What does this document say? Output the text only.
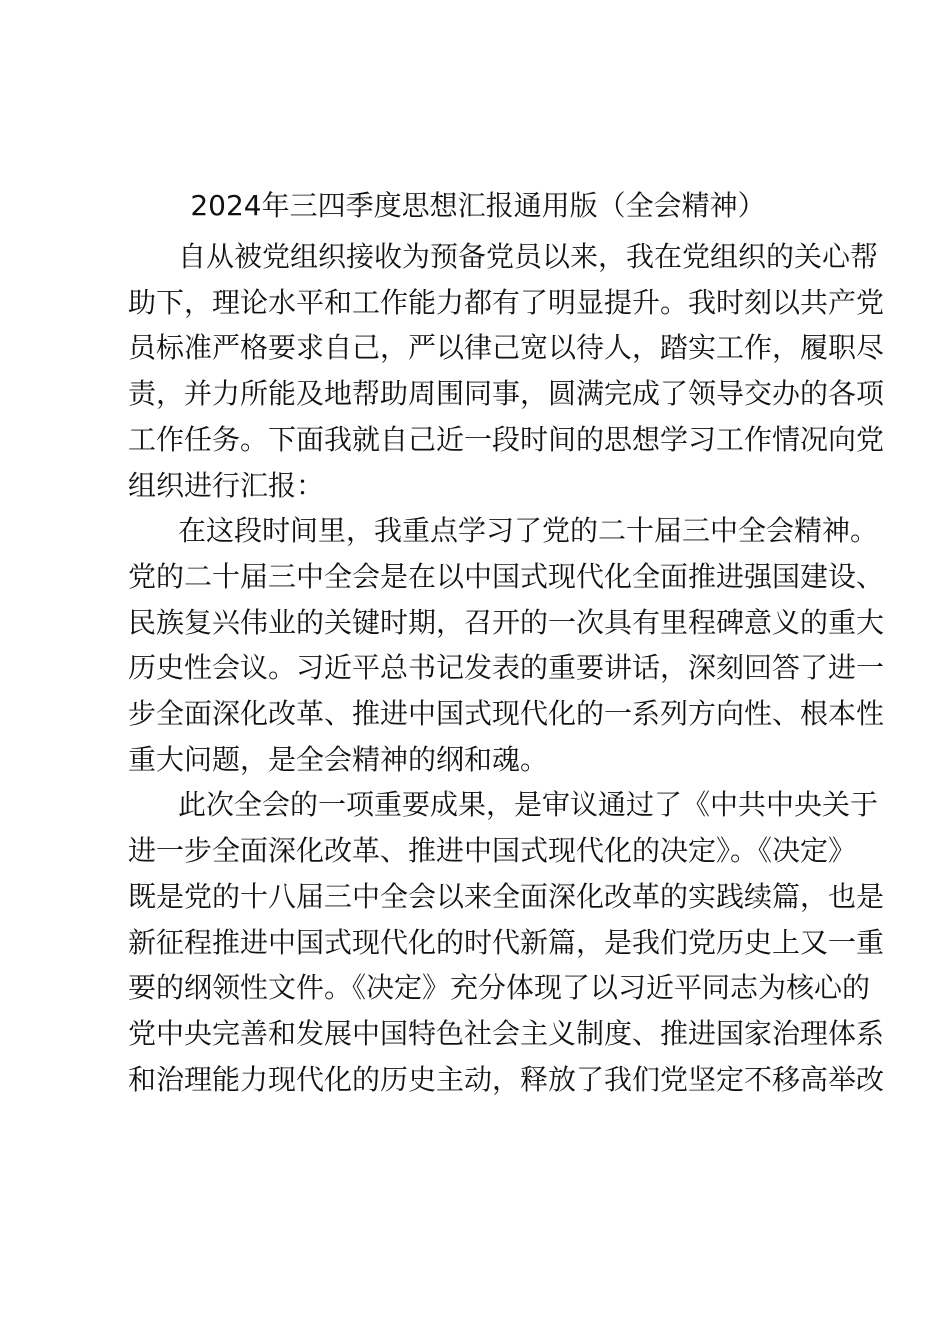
2024年三四季度思想汇报通用版（全会精神）

自从被党组织接收为预备党员以来，我在党组织的关心帮
助下，理论水平和工作能力都有了明显提升。我时刻以共产党
员标准严格要求自己，严以律己宽以待人，踏实工作，履职尽
责，并力所能及地帮助周围同事，圆满完成了领导交办的各项
工作任务。下面我就自己近一段时间的思想学习工作情况向党
组织进行汇报：

在这段时间里，我重点学习了党的二十届三中全会精神。
党的二十届三中全会是在以中国式现代化全面推进强国建设、
民族复兴伟业的关键时期，召开的一次具有里程碑意义的重大
历史性会议。习近平总书记发表的重要讲话，深刻回答了进一
步全面深化改革、推进中国式现代化的一系列方向性、根本性
重大问题，是全会精神的纲和魂。

此次全会的一项重要成果，是审议通过了《中共中央关于
进一步全面深化改革、推进中国式现代化的决定》。《决定》
既是党的十八届三中全会以来全面深化改革的实践续篇，也是
新征程推进中国式现代化的时代新篇，是我们党历史上又一重
要的纲领性文件。《决定》充分体现了以习近平同志为核心的
党中央完善和发展中国特色社会主义制度、推进国家治理体系
和治理能力现代化的历史主动，释放了我们党坚定不移高举改
